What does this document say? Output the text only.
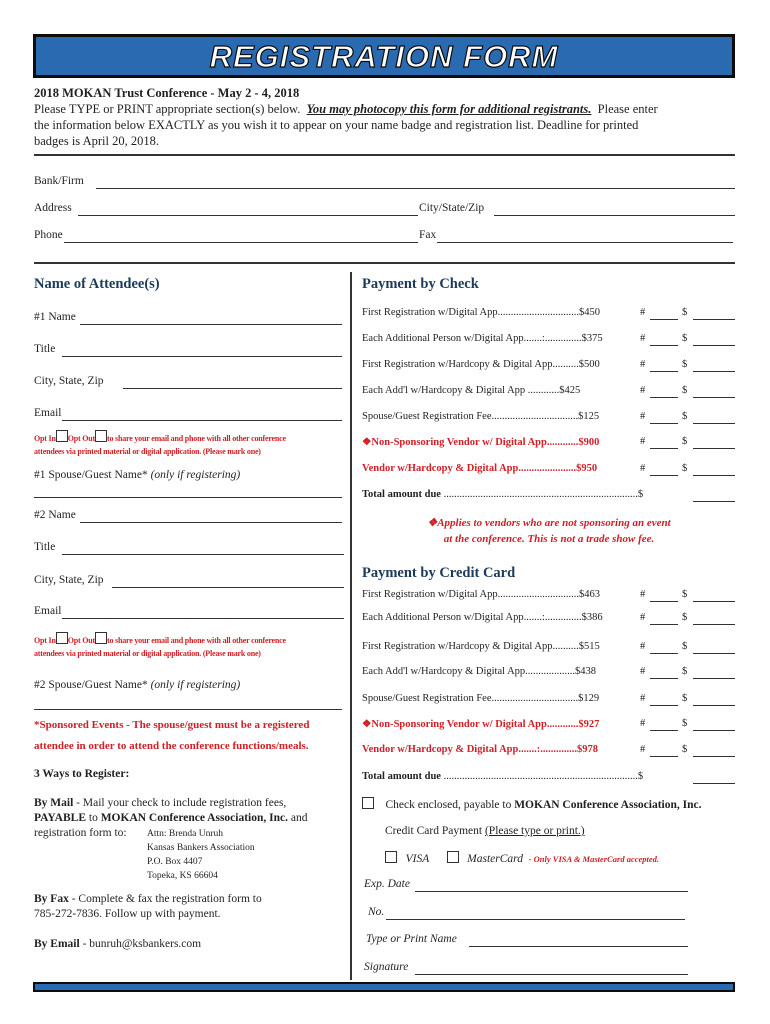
REGISTRATION FORM
2018 MOKAN Trust Conference - May 2 - 4, 2018
Please TYPE or PRINT appropriate section(s) below. You may photocopy this form for additional registrants. Please enter
the information below EXACTLY as you wish it to appear on your name badge and registration list. Deadline for printed
badges is April 20, 2018.
Bank/Firm
Address	City/State/Zip
Phone	Fax
Name of Attendee(s)
#1 Name
Title
City, State, Zip
Email
Opt In Opt Out to share your email and phone with all other conference
attendees via printed material or digital application. (Please mark one)
#1 Spouse/Guest Name* (only if registering)
#2 Name
Title
City, State, Zip
Email
Opt In Opt Out to share your email and phone with all other conference
attendees via printed material or digital application. (Please mark one)
#2 Spouse/Guest Name* (only if registering)
*Sponsored Events - The spouse/guest must be a registered
attendee in order to attend the conference functions/meals.
3 Ways to Register:
By Mail - Mail your check to include registration fees,
PAYABLE to MOKAN Conference Association, Inc. and
registration form to: Attn: Brenda Unruh
Kansas Bankers Association
P.O. Box 4407
Topeka, KS 66604
By Fax - Complete & fax the registration form to
785-272-7836. Follow up with payment.
By Email - bunruh@ksbankers.com
Payment by Check
First Registration w/Digital App...............................$450	#	$
Each Additional Person w/Digital App.......:..............$375	#	$
First Registration w/Hardcopy & Digital App..........$500	#	$
Each Add'l w/Hardcopy & Digital App ............$425	#	$
Spouse/Guest Registration Fee.................................$125	#	$
❖Non-Sponsoring Vendor w/ Digital App............$900	#	$
Vendor w/Hardcopy & Digital App......................$950	#	$
Total amount due ..........................................................................$
❖Applies to vendors who are not sponsoring an event
at the conference. This is not a trade show fee.
Payment by Credit Card
First Registration w/Digital App...............................$463	#	$
Each Additional Person w/Digital App.......:..............$386	#	$
First Registration w/Hardcopy & Digital App..........$515	#	$
Each Add'l w/Hardcopy & Digital App...................$438	#	$
Spouse/Guest Registration Fee.................................$129	#	$
❖Non-Sponsoring Vendor w/ Digital App............$927	#	$
Vendor w/Hardcopy & Digital App.......:..............$978	#	$
Total amount due ..........................................................................$
Check enclosed, payable to MOKAN Conference Association, Inc.
Credit Card Payment (Please type or print.)
VISA	MasterCard - Only VISA & MasterCard accepted.
Exp. Date
No.
Type or Print Name
Signature
